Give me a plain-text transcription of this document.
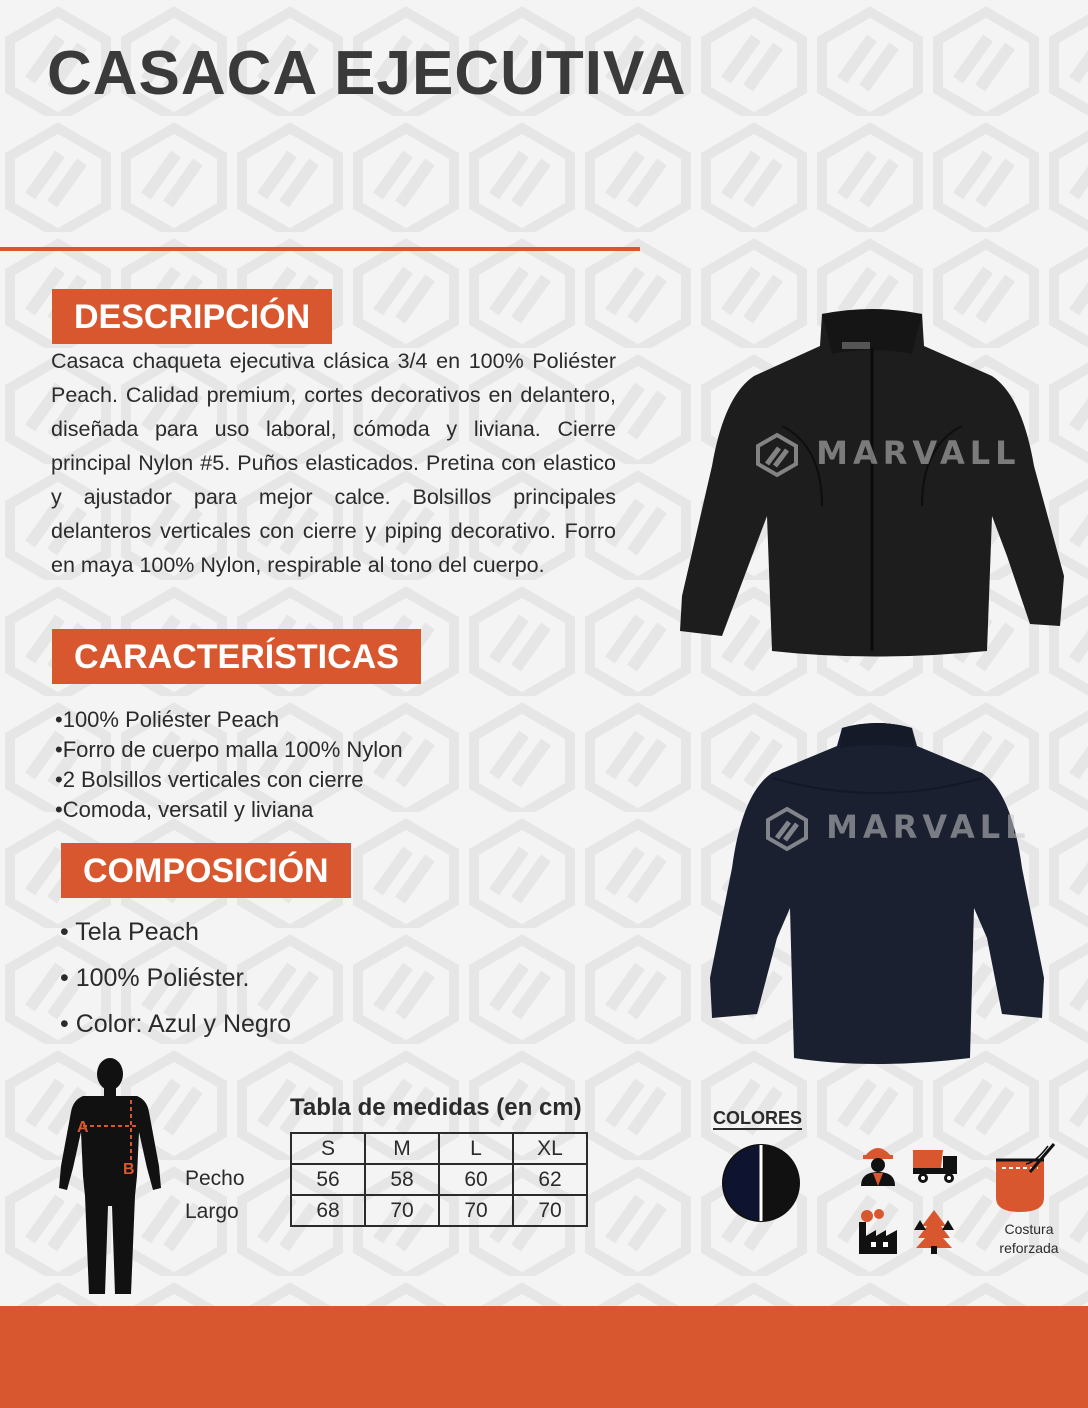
CASACA EJECUTIVA
DESCRIPCIÓN

Casaca chaqueta ejecutiva clásica 3/4 en 100% Poliéster Peach. Calidad premium, cortes decorativos en delantero, diseñada para uso laboral, cómoda y liviana. Cierre principal Nylon #5. Puños elasticados. Pretina con elastico y ajustador para mejor calce. Bolsillos principales delanteros verticales con cierre y piping decorativo. Forro en maya 100% Nylon, respirable al tono del cuerpo.

CARACTERÍSTICAS
•100% Poliéster Peach
•Forro de cuerpo malla 100% Nylon
•2 Bolsillos verticales con cierre
•Comoda, versatil y liviana
COMPOSICIÓN
• Tela Peach
• 100% Poliéster.
• Color: Azul y Negro
MARVALL
MARVALL
A
B
Tabla de medidas (en cm)
Pecho
Largo
S	M	L	XL
56	58	60	62
68	70	70	70
COLORES
Costura reforzada
